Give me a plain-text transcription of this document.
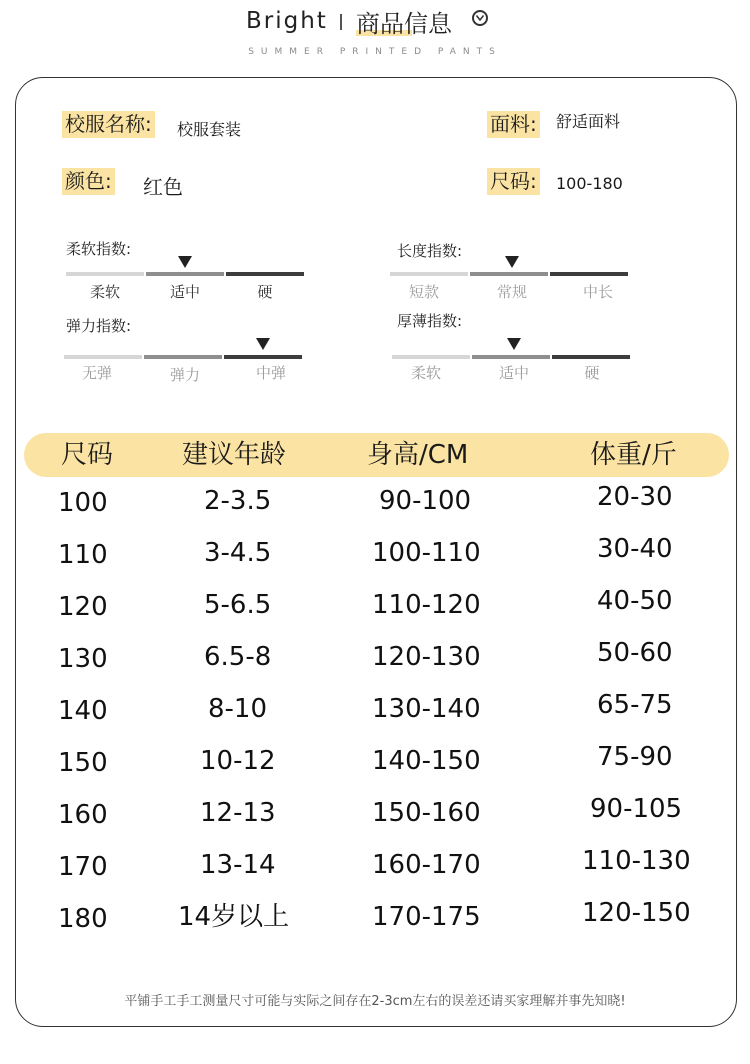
Bright 商品信息
SUMMER PRINTED PANTS
校服名称: 校服套装	面料: 舒适面料
颜色: 红色	尺码: 100-180
柔软指数:
柔软	适中	硬
长度指数:
短款	常规	中长
弹力指数:
无弹	弹力	中弹
厚薄指数:
柔软	适中	硬
尺码	建议年龄	身高/CM	体重/斤
100	2-3.5	90-100	20-30
110	3-4.5	100-110	30-40
120	5-6.5	110-120	40-50
130	6.5-8	120-130	50-60
140	8-10	130-140	65-75
150	10-12	140-150	75-90
160	12-13	150-160	90-105
170	13-14	160-170	110-130
180	14岁以上	170-175	120-150
平铺手工手工测量尺寸可能与实际之间存在2-3cm左右的误差还请买家理解并事先知晓!
